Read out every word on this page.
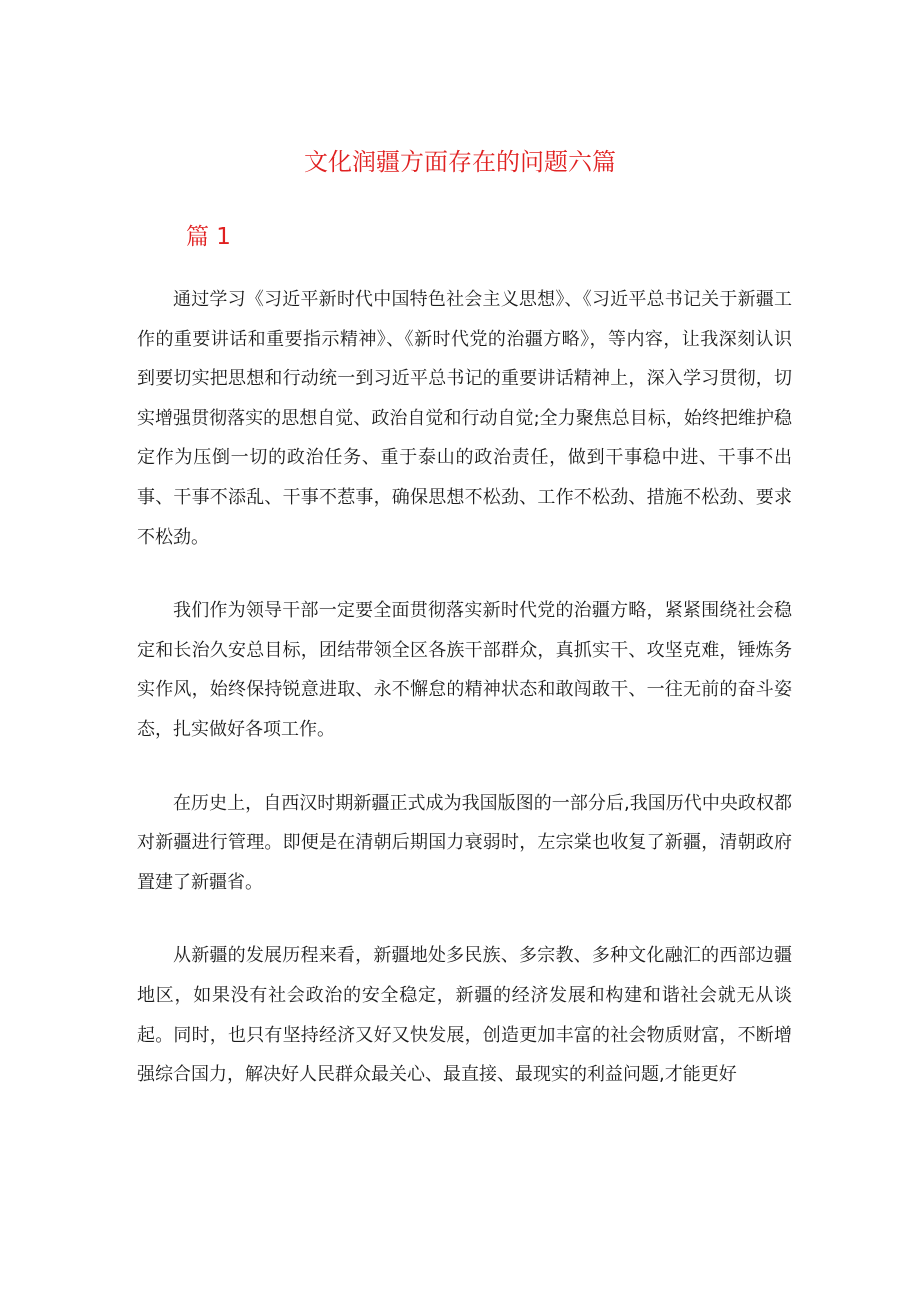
文化润疆方面存在的问题六篇
篇 1

通过学习《习近平新时代中国特色社会主义思想》、《习近平总书记关于新疆工作的重要讲话和重要指示精神》、《新时代党的治疆方略》，等内容，让我深刻认识到要切实把思想和行动统一到习近平总书记的重要讲话精神上，深入学习贯彻，切实增强贯彻落实的思想自觉、政治自觉和行动自觉;全力聚焦总目标，始终把维护稳定作为压倒一切的政治任务、重于泰山的政治责任，做到干事稳中进、干事不出事、干事不添乱、干事不惹事，确保思想不松劲、工作不松劲、措施不松劲、要求不松劲。

我们作为领导干部一定要全面贯彻落实新时代党的治疆方略，紧紧围绕社会稳定和长治久安总目标，团结带领全区各族干部群众，真抓实干、攻坚克难，锤炼务实作风，始终保持锐意进取、永不懈怠的精神状态和敢闯敢干、一往无前的奋斗姿态，扎实做好各项工作。

在历史上，自西汉时期新疆正式成为我国版图的一部分后,我国历代中央政权都对新疆进行管理。即便是在清朝后期国力衰弱时，左宗棠也收复了新疆，清朝政府置建了新疆省。

从新疆的发展历程来看，新疆地处多民族、多宗教、多种文化融汇的西部边疆地区，如果没有社会政治的安全稳定，新疆的经济发展和构建和谐社会就无从谈起。同时，也只有坚持经济又好又快发展，创造更加丰富的社会物质财富，不断增强综合国力，解决好人民群众最关心、最直接、最现实的利益问题,才能更好
